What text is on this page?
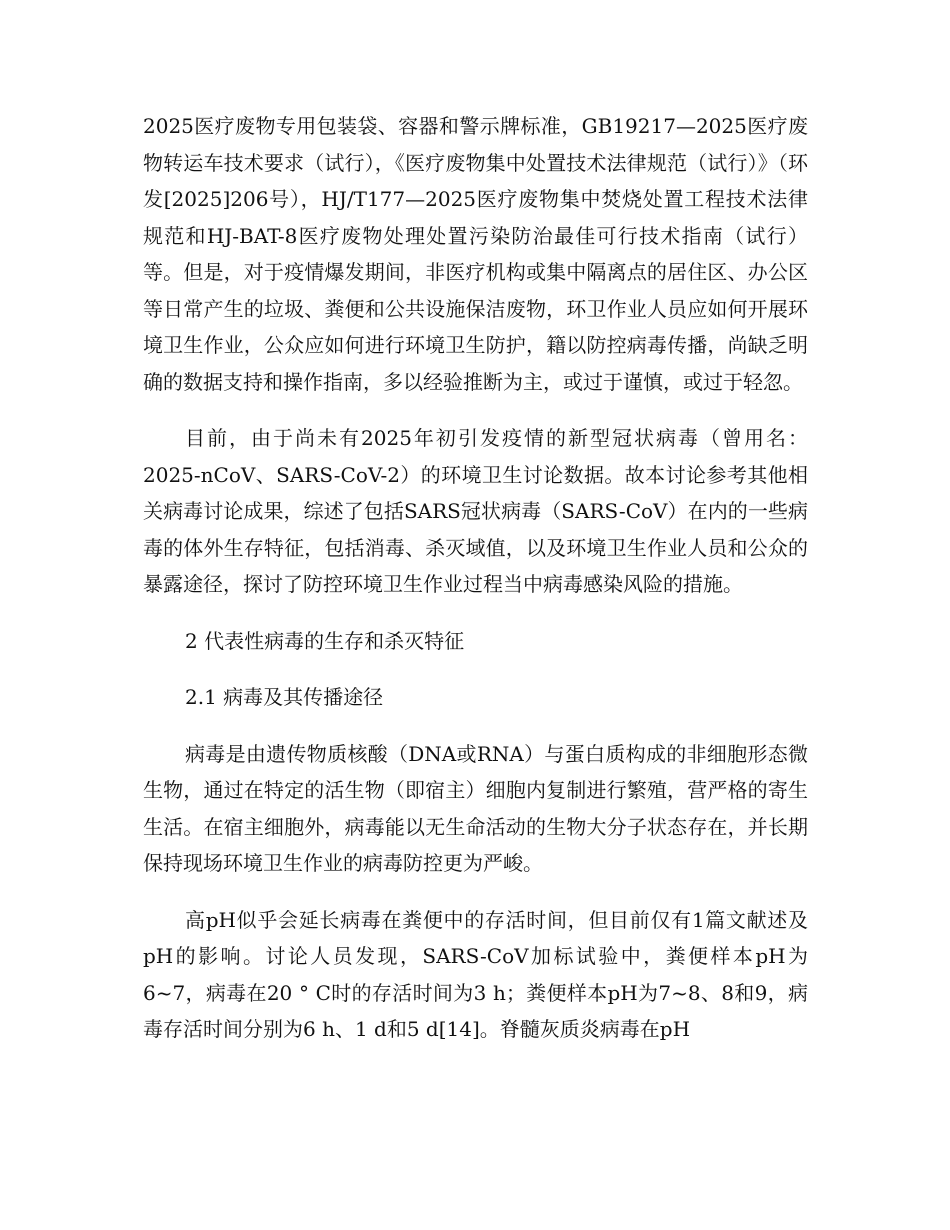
2025医疗废物专用包装袋、容器和警示牌标准，GB19217—2025医疗废物转运车技术要求（试行），《医疗废物集中处置技术法律规范（试行）》（环发[2025]206号），HJ/T177—2025医疗废物集中焚烧处置工程技术法律规范和HJ-BAT-8医疗废物处理处置污染防治最佳可行技术指南（试行）等。但是，对于疫情爆发期间，非医疗机构或集中隔离点的居住区、办公区等日常产生的垃圾、粪便和公共设施保洁废物，环卫作业人员应如何开展环境卫生作业，公众应如何进行环境卫生防护，籍以防控病毒传播，尚缺乏明确的数据支持和操作指南，多以经验推断为主，或过于谨慎，或过于轻忽。

目前，由于尚未有2025年初引发疫情的新型冠状病毒（曾用名：2025-nCoV、SARS-CoV-2）的环境卫生讨论数据。故本讨论参考其他相关病毒讨论成果，综述了包括SARS冠状病毒（SARS-CoV）在内的一些病毒的体外生存特征，包括消毒、杀灭域值，以及环境卫生作业人员和公众的暴露途径，探讨了防控环境卫生作业过程当中病毒感染风险的措施。

2 代表性病毒的生存和杀灭特征

2.1 病毒及其传播途径

病毒是由遗传物质核酸（DNA或RNA）与蛋白质构成的非细胞形态微生物，通过在特定的活生物（即宿主）细胞内复制进行繁殖，营严格的寄生生活。在宿主细胞外，病毒能以无生命活动的生物大分子状态存在，并长期保持现场环境卫生作业的病毒防控更为严峻。

高pH似乎会延长病毒在粪便中的存活时间，但目前仅有1篇文献述及pH的影响。讨论人员发现，SARS-CoV加标试验中，粪便样本pH为6~7，病毒在20 ° C时的存活时间为3 h；粪便样本pH为7~8、8和9，病毒存活时间分别为6 h、1 d和5 d[14]。脊髓灰质炎病毒在pH
